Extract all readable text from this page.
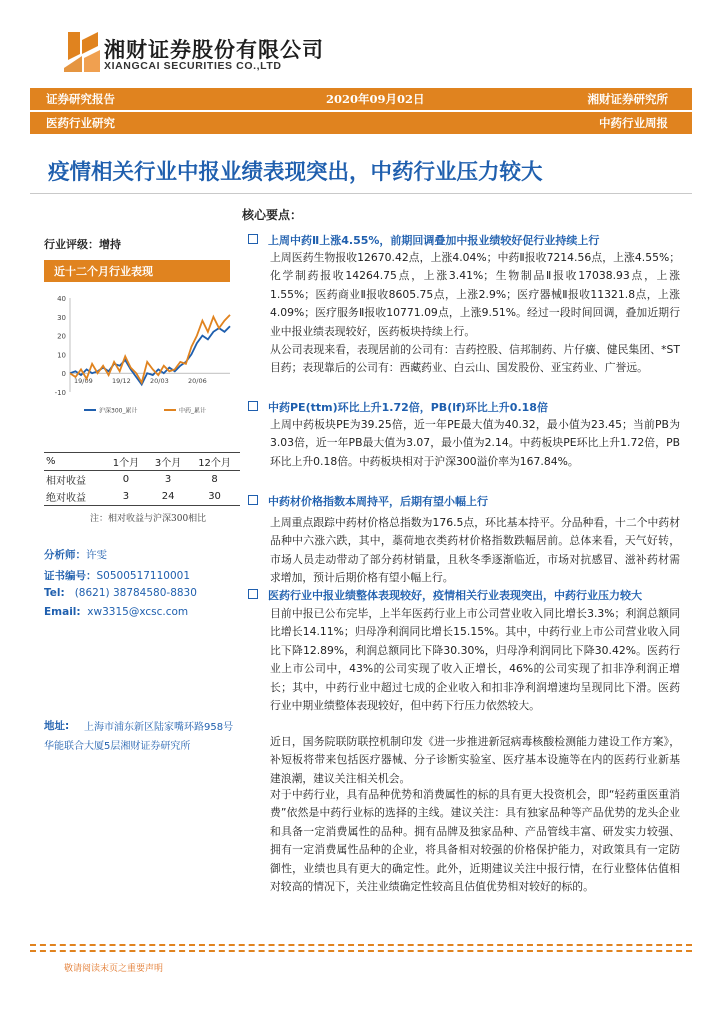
湘财证券股份有限公司
XIANGCAI SECURITIES CO.,LTD
证券研究报告	2020年09月02日	湘财证券研究所
医药行业研究	中药行业周报
疫情相关行业中报业绩表现突出，中药行业压力较大
行业评级：增持
近十二个月行业表现
-10
0
10
20
30
40
19/09	19/12	20/03	20/06
沪深300_累计	中药_累计
%	1个月	3个月	12个月
相对收益	0	3	8
绝对收益	3	24	30
注：相对收益与沪深300相比
分析师：许雯
证书编号：S0500517110001
Tel: (8621) 38784580-8830
Email: xw3315@xcsc.com
地址:	上海市浦东新区陆家嘴环路958号华能联合大厦5层湘财证券研究所
核心要点：
上周中药Ⅱ上涨4.55%，前期回调叠加中报业绩较好促行业持续上行
上周医药生物报收12670.42点，上涨4.04%；中药Ⅱ报收7214.56点，上涨4.55%；化学制药报收14264.75点，上涨3.41%；生物制品Ⅱ报收17038.93点，上涨1.55%；医药商业Ⅱ报收8605.75点，上涨2.9%；医疗器械Ⅱ报收11321.8点，上涨4.09%；医疗服务Ⅱ报收10771.09点，上涨9.51%。经过一段时间回调，叠加近期行业中报业绩表现较好，医药板块持续上行。
从公司表现来看，表现居前的公司有：吉药控股、信邦制药、片仔癀、健民集团、*ST目药；表现靠后的公司有：西藏药业、白云山、国发股份、亚宝药业、广誉远。
中药PE(ttm)环比上升1.72倍，PB(lf)环比上升0.18倍
上周中药板块PE为39.25倍，近一年PE最大值为40.32，最小值为23.45；当前PB为3.03倍，近一年PB最大值为3.07，最小值为2.14。中药板块PE环比上升1.72倍，PB环比上升0.18倍。中药板块相对于沪深300溢价率为167.84%。
中药材价格指数本周持平，后期有望小幅上行
上周重点跟踪中药材价格总指数为176.5点，环比基本持平。分品种看，十二个中药材品种中六涨六跌，其中，藁荷地衣类药材价格指数跌幅居前。总体来看，天气好转，市场人员走动带动了部分药材销量，且秋冬季逐渐临近，市场对抗感冒、滋补药材需求增加，预计后期价格有望小幅上行。
医药行业中报业绩整体表现较好，疫情相关行业表现突出，中药行业压力较大
目前中报已公布完毕，上半年医药行业上市公司营业收入同比增长3.3%；利润总额同比增长14.11%；归母净利润同比增长15.15%。其中，中药行业上市公司营业收入同比下降12.89%，利润总额同比下降30.30%，归母净利润同比下降30.42%。医药行业上市公司中，43%的公司实现了收入正增长，46%的公司实现了扣非净利润正增长；其中，中药行业中超过七成的企业收入和扣非净利润增速均呈现同比下滑。医药行业中期业绩整体表现较好，但中药下行压力依然较大。
近日，国务院联防联控机制印发《进一步推进新冠病毒核酸检测能力建设工作方案》，补短板将带来包括医疗器械、分子诊断实验室、医疗基本设施等在内的医药行业新基建浪潮，建议关注相关机会。
对于中药行业，具有品种优势和消费属性的标的具有更大投资机会，即“轻药重医重消费”依然是中药行业标的选择的主线。建议关注：具有独家品种等产品优势的龙头企业和具备一定消费属性的品种。拥有品牌及独家品种、产品管线丰富、研发实力较强、拥有一定消费属性品种的企业，将具备相对较强的价格保护能力，对政策具有一定防御性，业绩也具有更大的确定性。此外，近期建议关注中报行情，在行业整体估值相对较高的情况下，关注业绩确定性较高且估值优势相对较好的标的。
敬请阅读末页之重要声明
